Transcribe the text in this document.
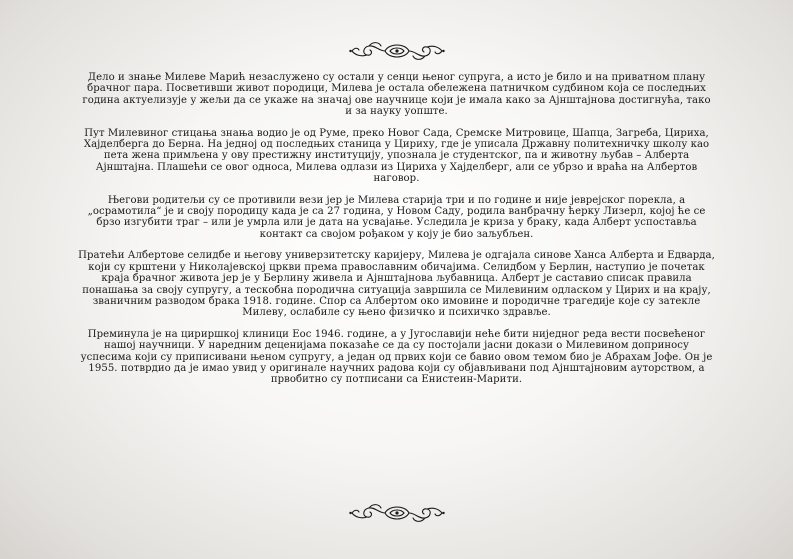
Дело и знање Милеве Марић незаслужено су остали у сенци њеног супруга, а исто је било и на приватном плану брачног пара. Посветивши живот породици, Милева је остала обележена патничком судбином која се последњих година актуелизује у жељи да се укаже на значај ове научнице који је имала како за Ајнштајнова достигнућа, тако и за науку уопште.

Пут Милевиног стицања знања водио је од Руме, преко Новог Сада, Сремске Митровице, Шапца, Загреба, Цириха, Хајделберга до Берна. На једној од последњих станица у Цириху, где је уписала Државну политехничку школу као пета жена примљена у ову престижну институцију, упознала је студентског, па и животну љубав – Алберта Ајнштајна. Плашећи се овог односа, Милева одлази из Цириха у Хајделберг, али се убрзо и враћа на Албертов наговор.

Његови родитељи су се противили вези јер је Милева старија три и по године и није јеврејског порекла, а „осрамотила“ је и своју породицу када је са 27 година, у Новом Саду, родила ванбрачну ћерку Лизерл, којој ће се брзо изгубити траг – или је умрла или је дата на усвајање. Уследила је криза у браку, када Алберт успоставља контакт са својом рођаком у коју је био заљубљен.

Пратећи Албертове селидбе и његову универзитетску каријеру, Милева је одгајала синове Ханса Алберта и Едварда, који су крштени у Николајевској цркви према православним обичајима. Селидбом у Берлин, наступио је почетак краја брачног живота јер је у Берлину живела и Ајнштајнова љубавница. Алберт је саставио списак правила понашања за своју супругу, а тескобна породична ситуација завршила се Милевиним одласком у Цирих и на крају, званичним разводом брака 1918. године. Спор са Албертом око имовине и породичне трагедије које су затекле Милеву, ослабиле су њено физичко и психичко здравље.

Преминула је на цириршкој клиници Еос 1946. године, а у Југославији неће бити ниједног реда вести посвећеног нашој научници. У наредним деценијама показаће се да су постојали јасни докази о Милевином доприносу успесима који су приписивани њеном супругу, а један од првих који се бавио овом темом био је Абрахам Јофе. Он је 1955. потврдио да је имао увид у оригинале научних радова који су објављивани под Ајнштајновим ауторством, а првобитно су потписани са Енистеин-Марити.
